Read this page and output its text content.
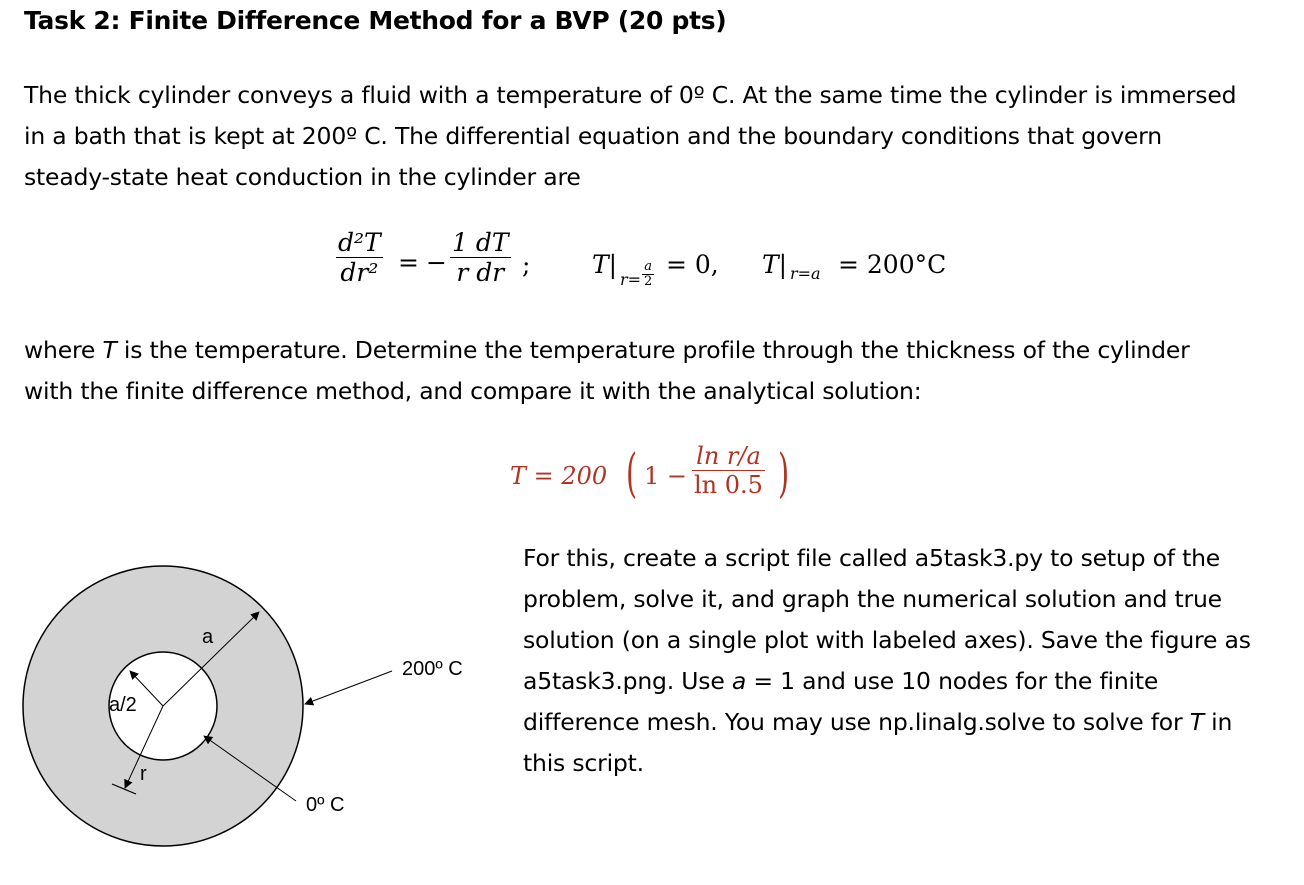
Task 2: Finite Difference Method for a BVP (20 pts)
The thick cylinder conveys a fluid with a temperature of 0º C. At the same time the cylinder is immersed
in a bath that is kept at 200º C. The differential equation and the boundary conditions that govern
steady-state heat conduction in the cylinder are
$\frac{\text{d²T}}{\text{dr²}}$ = − $\frac{1 dT}{\text{r dr}}$ ; T|
$r= \frac{a}{2} = 0$, T| r=a = 200°C
where T is the temperature. Determine the temperature profile through the thickness of the cylinder
with the finite difference method, and compare it with the analytical solution:
T = 200 ( $1 - \frac{\text{ln r/a}}{\ln 0.5}$ )
For this, create a script file called a5task3.py to setup of the
problem, solve it, and graph the numerical solution and true
solution (on a single plot with labeled axes). Save the figure as
a5task3.png. Use a = 1 and use 10 nodes for the finite
difference mesh. You may use np.linalg.solve to solve for T in
this script.
a
a/2
r
200º C
0º C
